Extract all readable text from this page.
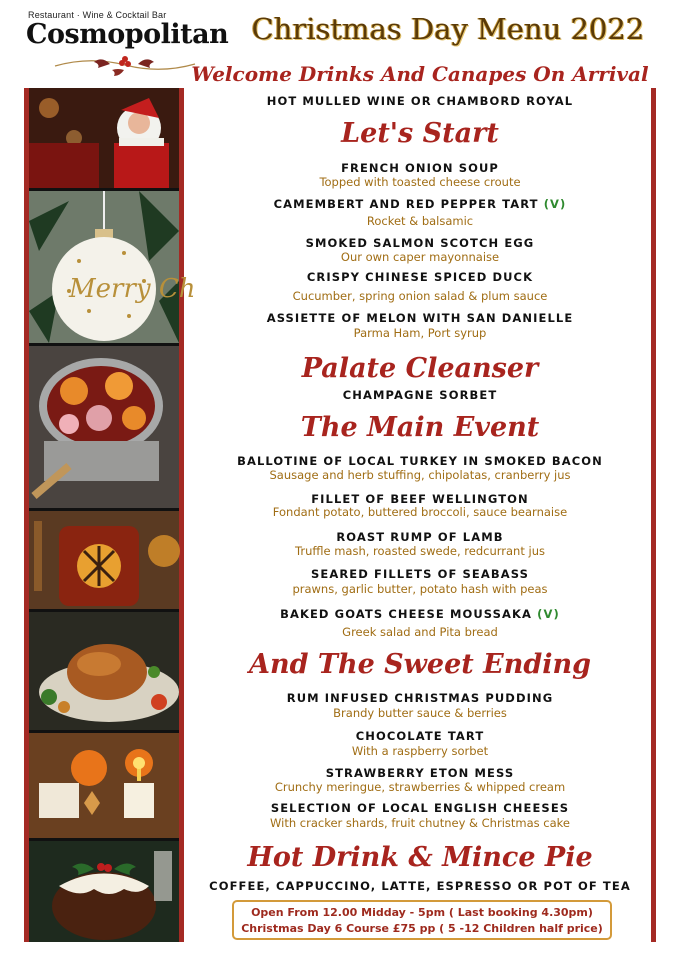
Restaurant · Wine & Cocktail Bar
Cosmopolitan Christmas Day Menu 2022
Merry Ch
Welcome Drinks And Canapes On Arrival
HOT MULLED WINE OR CHAMBORD ROYAL
Let's Start
FRENCH ONION SOUP
Topped with toasted cheese croute
CAMEMBERT AND RED PEPPER TART (V)
Rocket & balsamic
SMOKED SALMON SCOTCH EGG
Our own caper mayonnaise
CRISPY CHINESE SPICED DUCK
Cucumber, spring onion salad & plum sauce
ASSIETTE OF MELON WITH SAN DANIELLE
Parma Ham, Port syrup
Palate Cleanser
CHAMPAGNE SORBET
The Main Event
BALLOTINE OF LOCAL TURKEY IN SMOKED BACON
Sausage and herb stuffing, chipolatas, cranberry jus
FILLET OF BEEF WELLINGTON
Fondant potato, buttered broccoli, sauce bearnaise
ROAST RUMP OF LAMB
Truffle mash, roasted swede, redcurrant jus
SEARED FILLETS OF SEABASS
prawns, garlic butter, potato hash with peas
BAKED GOATS CHEESE MOUSSAKA (V)
Greek salad and Pita bread
And The Sweet Ending
RUM INFUSED CHRISTMAS PUDDING
Brandy butter sauce & berries
CHOCOLATE TART
With a raspberry sorbet
STRAWBERRY ETON MESS
Crunchy meringue, strawberries & whipped cream
SELECTION OF LOCAL ENGLISH CHEESES
With cracker shards, fruit chutney & Christmas cake
Hot Drink & Mince Pie
COFFEE, CAPPUCCINO, LATTE, ESPRESSO OR POT OF TEA
Open From 12.00 Midday - 5pm ( Last booking 4.30pm)
Christmas Day 6 Course £75 pp ( 5 -12 Children half price)
